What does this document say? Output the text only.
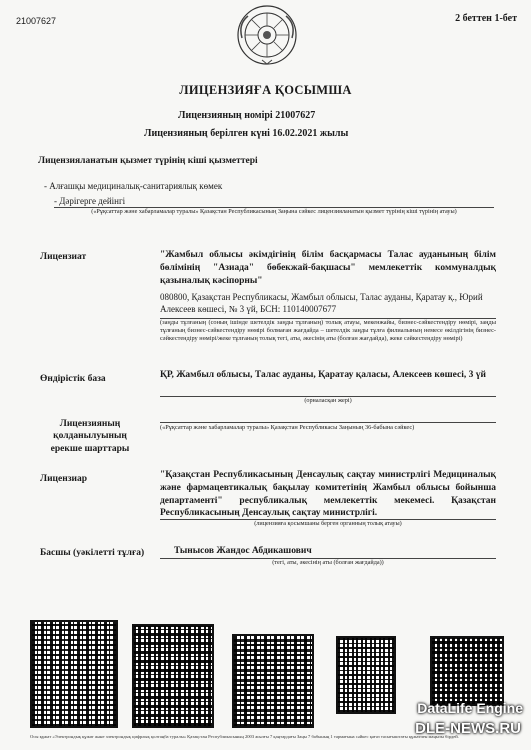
21007627	2 беттен 1-бет
ЛИЦЕНЗИЯҒА ҚОСЫМША
Лицензияның номірі 21007627
Лицензияның берілген күні 16.02.2021 жылы
Лицензияланатын қызмет түрінің кіші қызметтері
- Алғашқы медициналық-санитариялық көмек
- Дәрігерге дейінгі
(«Рұқсаттар және хабарламалар туралы» Қазақстан Республикасының Заңына сәйкес лицензияланатын қызмет түрінің кіші түрінің атауы)
Лицензиат	"Жамбыл облысы әкімдігінің білім басқармасы Талас ауданының білім бөлімінің "Азиада" бөбекжай-бақшасы" мемлекеттік коммуналдық қазыналық кәсіпорны"
080800, Қазақстан Республикасы, Жамбыл облысы, Талас ауданы, Қаратау қ., Юрий Алексеев көшесі, № 3 үй, БСН: 110140007677
(заңды тұлғаның (соның ішінде шетелдік заңды тұлғаның) толық атауы, мекенжайы, бизнес-сәйкестендіру нөмірі, заңды тұлғаның бизнес-сәйкестендіру нөмірі болмаған жағдайда – шетелдік заңды тұлға филиалының немесе өкілдігінің бизнес-сәйкестендіру нөмірі/жеке тұлғаның толық тегі, аты, әкесінің аты (болған жағдайда), жеке сәйкестендіру нөмірі)
Өндірістік база	ҚР, Жамбыл облысы, Талас ауданы, Қаратау қаласы, Алексеев көшесі, 3 үй
(орналасқан жері)
Лицензияның қолданылуының ерекше шарттары
(«Рұқсаттар және хабарламалар туралы» Қазақстан Республикасы Заңының 36-бабына сәйкес)
Лицензиар	"Қазақстан Республикасының Денсаулық сақтау министрлігі Медициналық және фармацевтикалық бақылау комитетінің Жамбыл облысы бойынша департаменті" республикалық мемлекеттік мекемесі. Қазақстан Республикасының Денсаулық сақтау министрлігі.
(лицензияға қосымшаны берген органның толық атауы)
Басшы (уәкілетті тұлға)	Тынысов Жандос Абдикашович
(тегі, аты, әкесінің аты (болған жағдайда))
Осы құжат «Электрондық құжат және электрондық цифрлық қолтаңба туралы» Қазақстан Республикасының 2003 жылғы 7 қаңтардағы Заңы 7 бабының 1 тармағына сәйкес қағаз тасығыштағы құжатпен маңызы бірдей.
DataLife Engine
DLE-NEWS.RU
